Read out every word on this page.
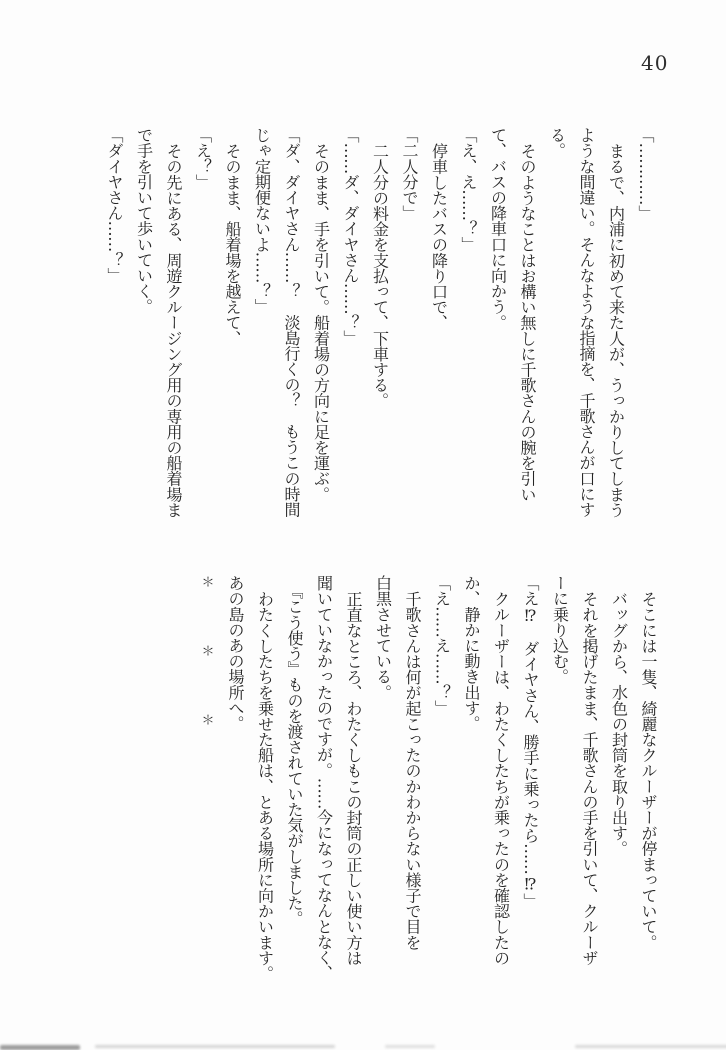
40

「…………」

まるで、内浦に初めて来た人が、うっかりしてしまう

ような間違い。そんなような指摘を、千歌さんが口にす

る。

そのようなことはお構い無しに千歌さんの腕を引い

て、バスの降車口に向かう。

「え、え……？」

停車したバスの降り口で、

「二人分で」

二人分の料金を支払って、下車する。

「……ダ、ダイヤさん……？」

そのまま、手を引いて。船着場の方向に足を運ぶ。

「ダ、ダイヤさん……？　淡島行くの？　もうこの時間

じゃ定期便ないよ……？」

そのまま、船着場を越えて、

「え？」

その先にある、周遊クルージング用の専用の船着場ま

で手を引いて歩いていく。

「ダイヤさん……？」

そこには一隻、綺麗なクルーザーが停まっていて。

バッグから、水色の封筒を取り出す。

それを掲げたまま、千歌さんの手を引いて、クルーザ

ーに乗り込む。

「え⁉　ダイヤさん、勝手に乗ったら……⁉」

クルーザーは、わたくしたちが乗ったのを確認したの

か、静かに動き出す。

「え……え……？」

千歌さんは何が起こったのかわからない様子で目を

白黒させている。

正直なところ、わたくしもこの封筒の正しい使い方は

聞いていなかったのですが。……今になってなんとなく、

『こう使う』ものを渡されていた気がしました。

わたくしたちを乗せた船は、とある場所に向かいます。

あの島のあの場所へ。

＊＊＊
